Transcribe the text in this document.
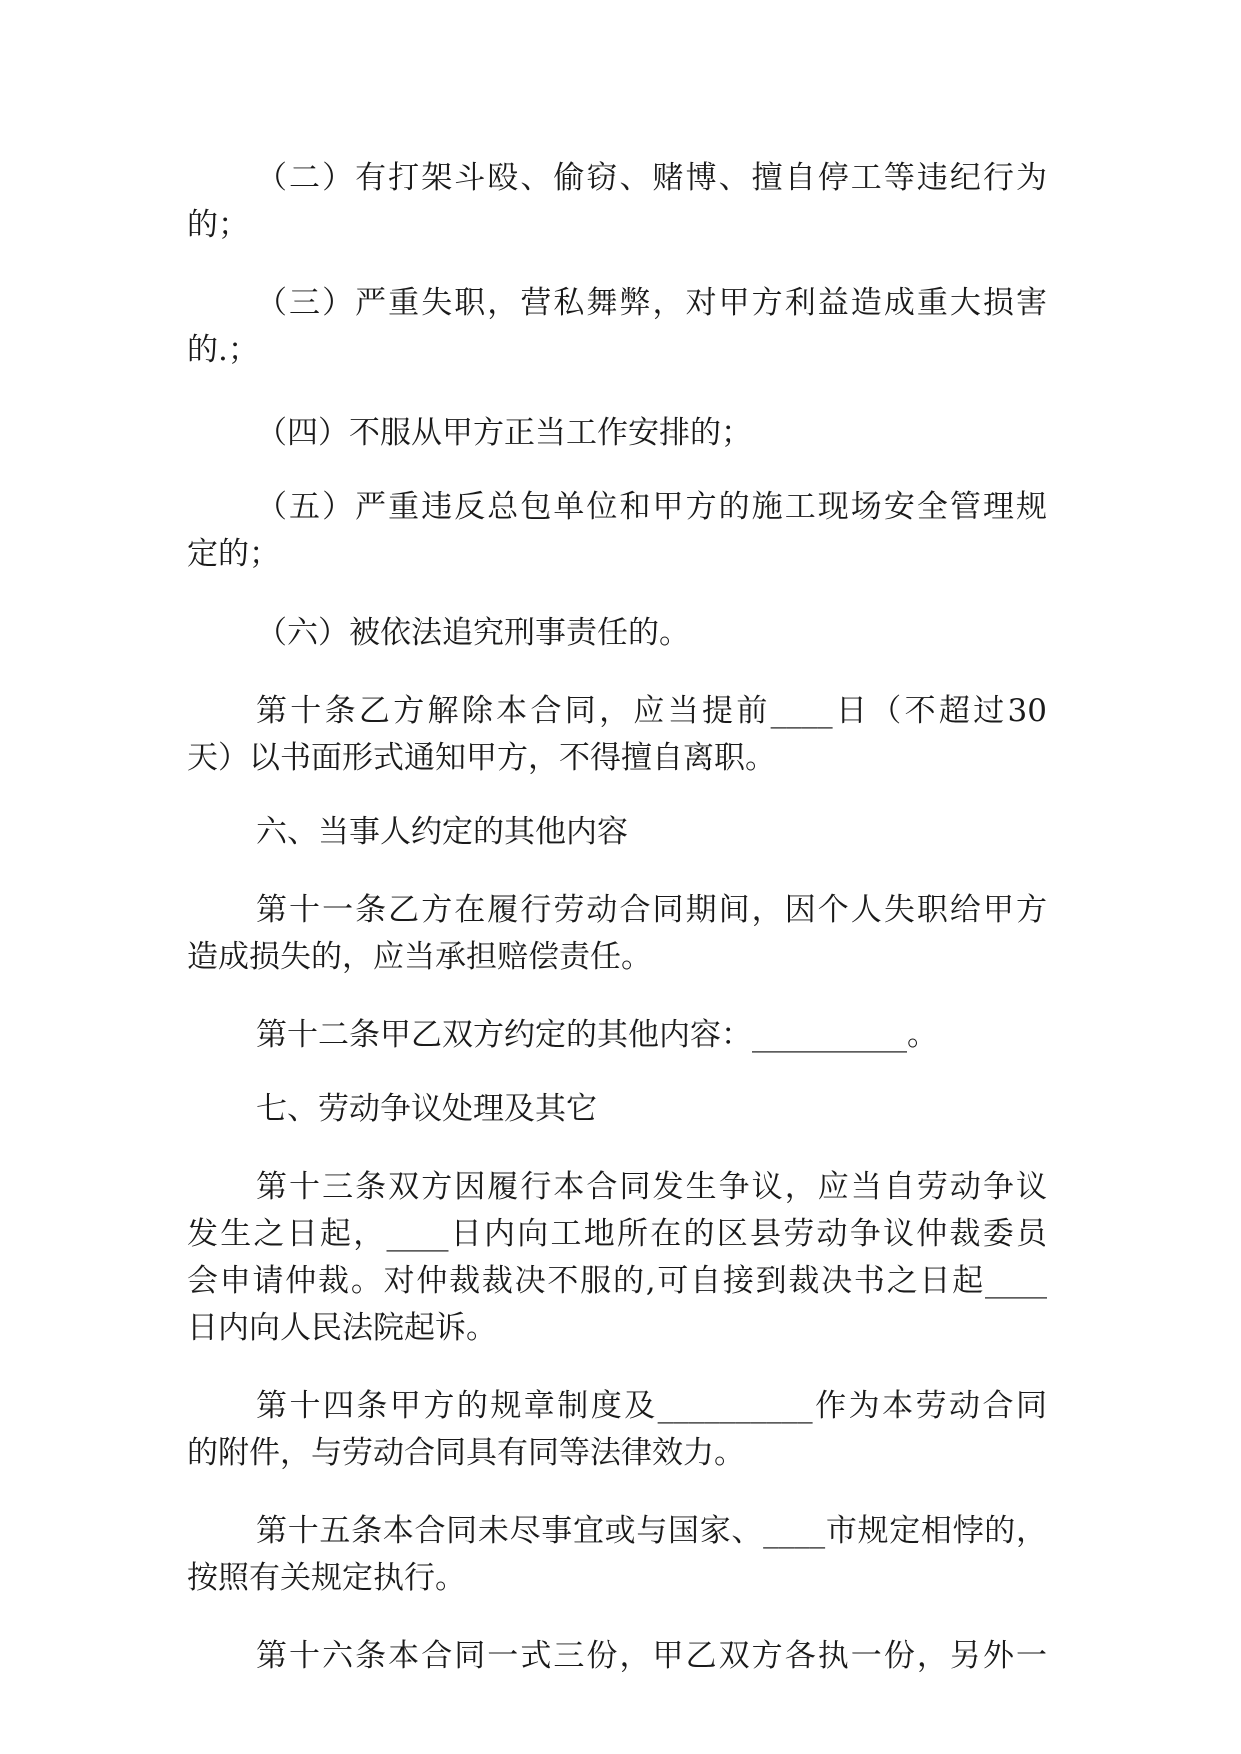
（二）有打架斗殴、偷窃、赌博、擅自停工等违纪行为
的；
（三）严重失职，营私舞弊，对甲方利益造成重大损害
的.；
（四）不服从甲方正当工作安排的；
（五）严重违反总包单位和甲方的施工现场安全管理规
定的；
（六）被依法追究刑事责任的。
第十条乙方解除本合同，应当提前____日（不超过30
天）以书面形式通知甲方，不得擅自离职。
六、当事人约定的其他内容
第十一条乙方在履行劳动合同期间，因个人失职给甲方
造成损失的，应当承担赔偿责任。
第十二条甲乙双方约定的其他内容：__________。
七、劳动争议处理及其它
第十三条双方因履行本合同发生争议，应当自劳动争议
发生之日起，____日内向工地所在的区县劳动争议仲裁委员
会申请仲裁。对仲裁裁决不服的,可自接到裁决书之日起____
日内向人民法院起诉。
第十四条甲方的规章制度及__________作为本劳动合同
的附件，与劳动合同具有同等法律效力。
第十五条本合同未尽事宜或与国家、____市规定相悖的，
按照有关规定执行。
第十六条本合同一式三份，甲乙双方各执一份，另外一
